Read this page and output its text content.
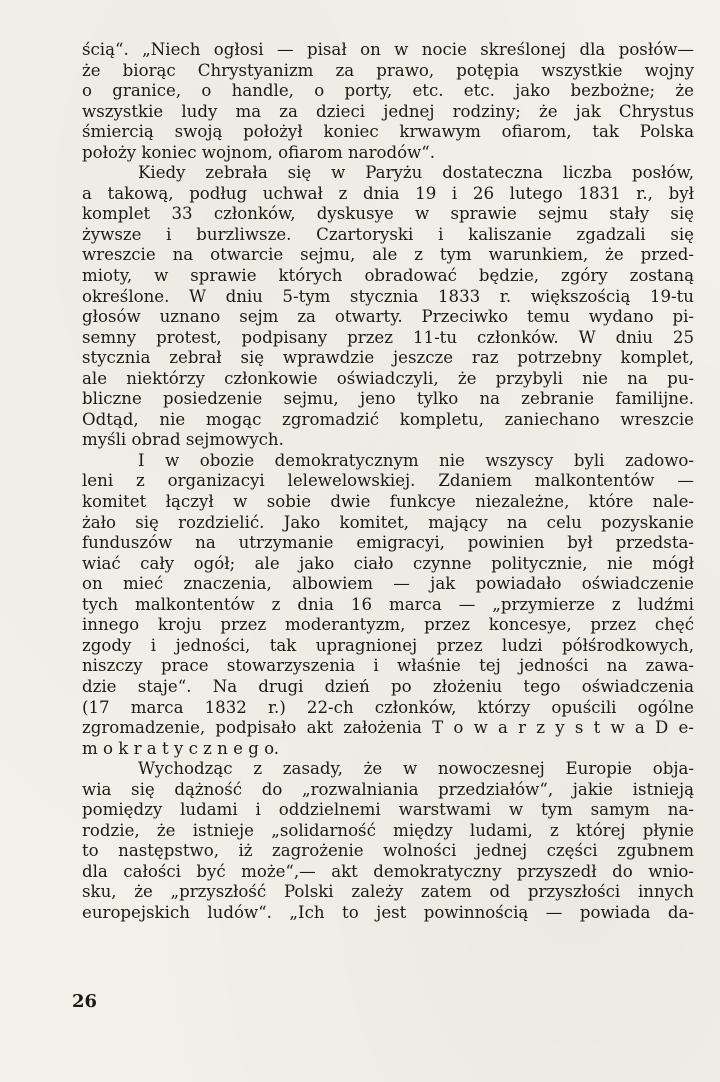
ścią“. „Niech ogłosi — pisał on w nocie skreślonej dla posłów—
że biorąc Chrystyanizm za prawo, potępia wszystkie wojny
o granice, o handle, o porty, etc. etc. jako bezbożne; że
wszystkie ludy ma za dzieci jednej rodziny; że jak Chrystus
śmiercią swoją położył koniec krwawym ofiarom, tak Polska
położy koniec wojnom, ofiarom narodów“.
Kiedy zebrała się w Paryżu dostateczna liczba posłów,
a takową, podług uchwał z dnia 19 i 26 lutego 1831 r., był
komplet 33 członków, dyskusye w sprawie sejmu stały się
żywsze i burzliwsze. Czartoryski i kaliszanie zgadzali się
wreszcie na otwarcie sejmu, ale z tym warunkiem, że przed-
mioty, w sprawie których obradować będzie, zgóry zostaną
określone. W dniu 5-tym stycznia 1833 r. większością 19-tu
głosów uznano sejm za otwarty. Przeciwko temu wydano pi-
semny protest, podpisany przez 11-tu członków. W dniu 25
stycznia zebrał się wprawdzie jeszcze raz potrzebny komplet,
ale niektórzy członkowie oświadczyli, że przybyli nie na pu-
bliczne posiedzenie sejmu, jeno tylko na zebranie familijne.
Odtąd, nie mogąc zgromadzić kompletu, zaniechano wreszcie
myśli obrad sejmowych.
I w obozie demokratycznym nie wszyscy byli zadowo-
leni z organizacyi lelewelowskiej. Zdaniem malkontentów —
komitet łączył w sobie dwie funkcye niezależne, które nale-
żało się rozdzielić. Jako komitet, mający na celu pozyskanie
funduszów na utrzymanie emigracyi, powinien był przedsta-
wiać cały ogół; ale jako ciało czynne politycznie, nie mógł
on mieć znaczenia, albowiem — jak powiadało oświadczenie
tych malkontentów z dnia 16 marca — „przymierze z ludźmi
innego kroju przez moderantyzm, przez koncesye, przez chęć
zgody i jedności, tak upragnionej przez ludzi półśrodkowych,
niszczy prace stowarzyszenia i właśnie tej jedności na zawa-
dzie staje“. Na drugi dzień po złożeniu tego oświadczenia
(17 marca 1832 r.) 22-ch członków, którzy opuścili ogólne
zgromadzenie, podpisało akt założenia T o w a r z y s t w a D e-
m o k r a t y c z n e g o.
Wychodząc z zasady, że w nowoczesnej Europie obja-
wia się dążność do „rozwalniania przedziałów“, jakie istnieją
pomiędzy ludami i oddzielnemi warstwami w tym samym na-
rodzie, że istnieje „solidarność między ludami, z której płynie
to następstwo, iż zagrożenie wolności jednej części zgubnem
dla całości być może“,— akt demokratyczny przyszedł do wnio-
sku, że „przyszłość Polski zależy zatem od przyszłości innych
europejskich ludów“. „Ich to jest powinnością — powiada da-
26
